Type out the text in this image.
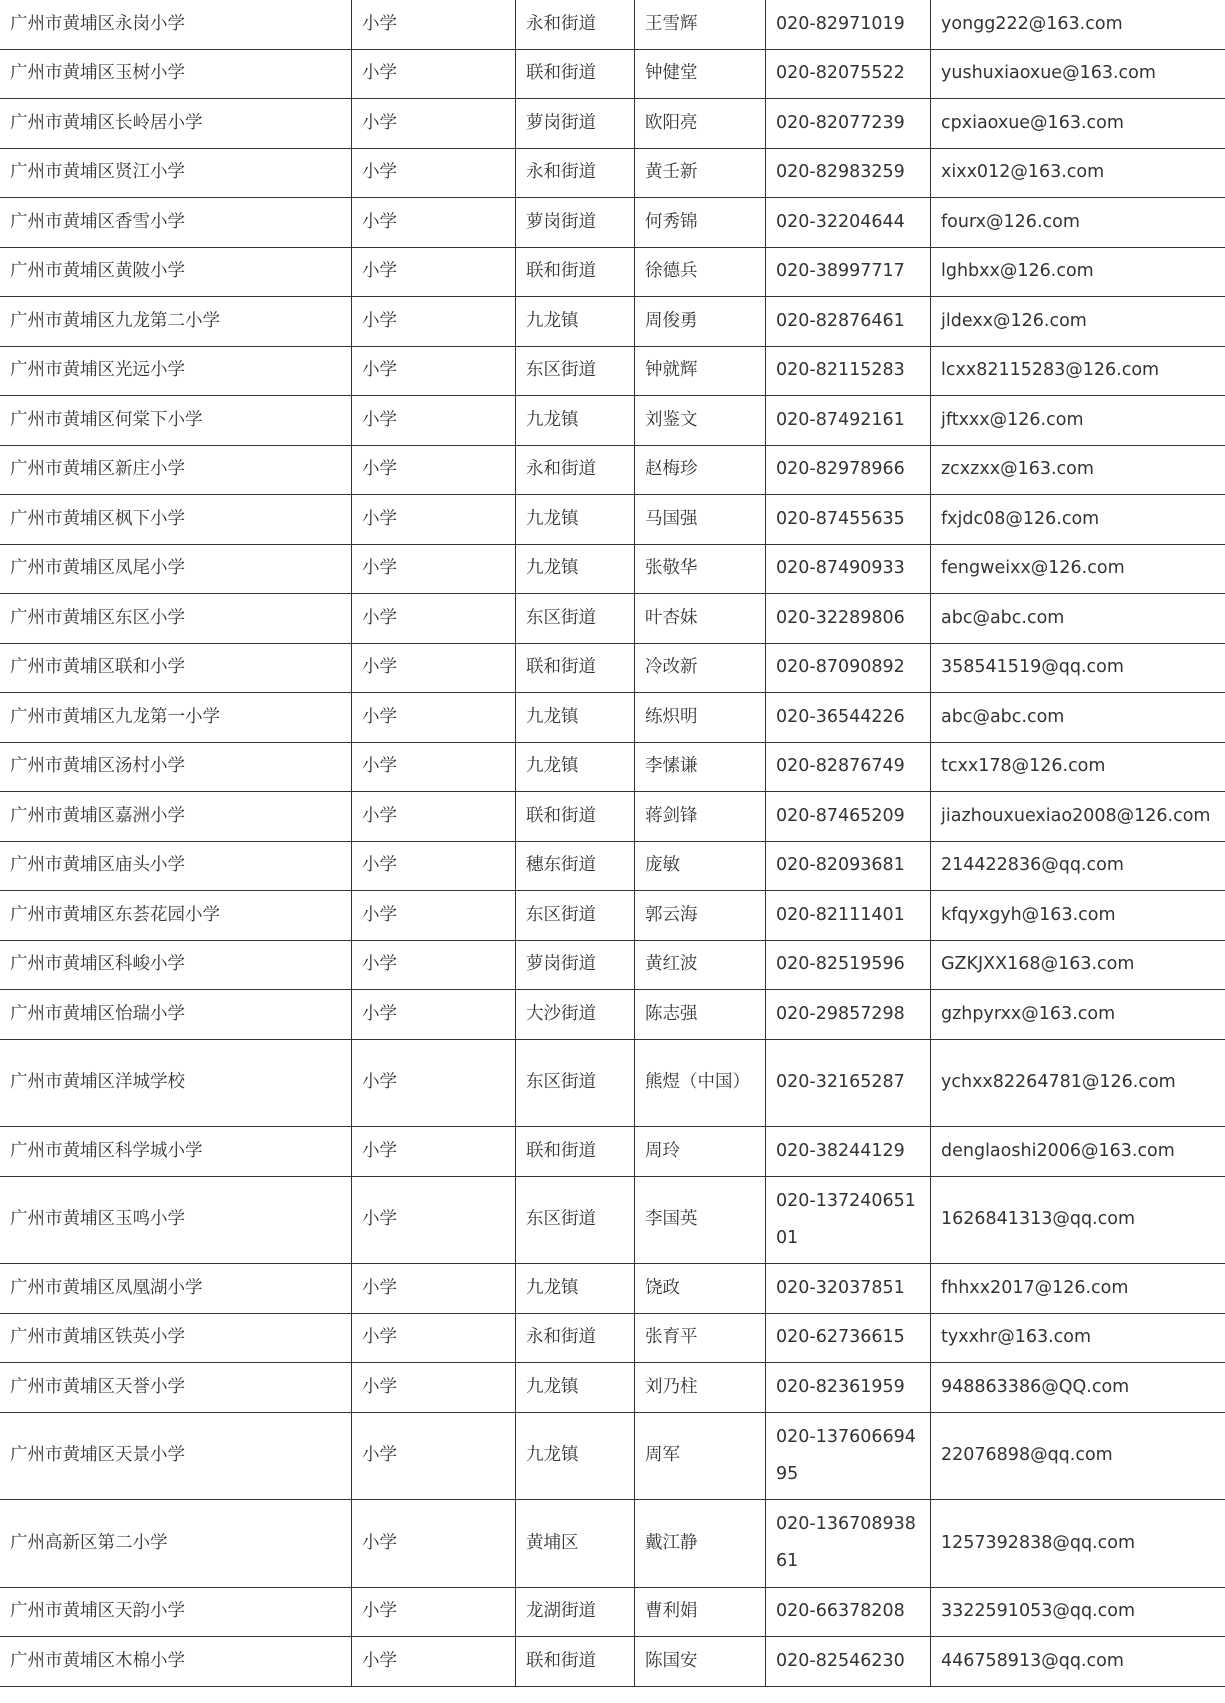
广州市黄埔区永岗小学	小学	永和街道	王雪辉	020-82971019	yongg222@163.com
广州市黄埔区玉树小学	小学	联和街道	钟健堂	020-82075522	yushuxiaoxue@163.com
广州市黄埔区长岭居小学	小学	萝岗街道	欧阳亮	020-82077239	cpxiaoxue@163.com
广州市黄埔区贤江小学	小学	永和街道	黄壬新	020-82983259	xixx012@163.com
广州市黄埔区香雪小学	小学	萝岗街道	何秀锦	020-32204644	fourx@126.com
广州市黄埔区黄陂小学	小学	联和街道	徐德兵	020-38997717	lghbxx@126.com
广州市黄埔区九龙第二小学	小学	九龙镇	周俊勇	020-82876461	jldexx@126.com
广州市黄埔区光远小学	小学	东区街道	钟就辉	020-82115283	lcxx82115283@126.com
广州市黄埔区何棠下小学	小学	九龙镇	刘鉴文	020-87492161	jftxxx@126.com
广州市黄埔区新庄小学	小学	永和街道	赵梅珍	020-82978966	zcxzxx@163.com
广州市黄埔区枫下小学	小学	九龙镇	马国强	020-87455635	fxjdc08@126.com
广州市黄埔区凤尾小学	小学	九龙镇	张敬华	020-87490933	fengweixx@126.com
广州市黄埔区东区小学	小学	东区街道	叶杏妹	020-32289806	abc@abc.com
广州市黄埔区联和小学	小学	联和街道	冷改新	020-87090892	358541519@qq.com
广州市黄埔区九龙第一小学	小学	九龙镇	练炽明	020-36544226	abc@abc.com
广州市黄埔区汤村小学	小学	九龙镇	李愫谦	020-82876749	tcxx178@126.com
广州市黄埔区嘉洲小学	小学	联和街道	蒋剑锋	020-87465209	jiazhouxuexiao2008@126.com
广州市黄埔区庙头小学	小学	穗东街道	庞敏	020-82093681	214422836@qq.com
广州市黄埔区东荟花园小学	小学	东区街道	郭云海	020-82111401	kfqyxgyh@163.com
广州市黄埔区科峻小学	小学	萝岗街道	黄红波	020-82519596	GZKJXX168@163.com
广州市黄埔区怡瑞小学	小学	大沙街道	陈志强	020-29857298	gzhpyrxx@163.com
广州市黄埔区洋城学校	小学	东区街道	熊煜（中国）	020-32165287	ychxx82264781@126.com
广州市黄埔区科学城小学	小学	联和街道	周玲	020-38244129	denglaoshi2006@163.com
广州市黄埔区玉鸣小学	小学	东区街道	李国英	020-13724065101	1626841313@qq.com
广州市黄埔区凤凰湖小学	小学	九龙镇	饶政	020-32037851	fhhxx2017@126.com
广州市黄埔区铁英小学	小学	永和街道	张育平	020-62736615	tyxxhr@163.com
广州市黄埔区天誉小学	小学	九龙镇	刘乃柱	020-82361959	948863386@QQ.com
广州市黄埔区天景小学	小学	九龙镇	周军	020-13760669495	22076898@qq.com
广州高新区第二小学	小学	黄埔区	戴江静	020-13670893861	1257392838@qq.com
广州市黄埔区天韵小学	小学	龙湖街道	曹利娟	020-66378208	3322591053@qq.com
广州市黄埔区木棉小学	小学	联和街道	陈国安	020-82546230	446758913@qq.com
